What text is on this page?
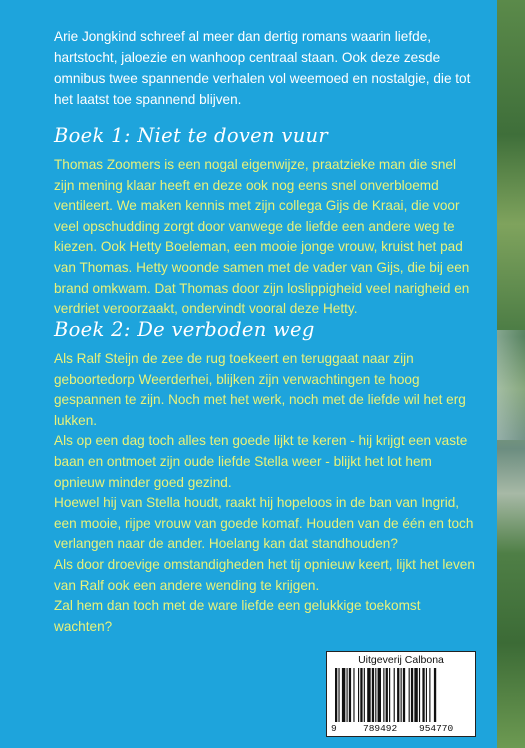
Arie Jongkind schreef al meer dan dertig romans waarin liefde, hartstocht, jaloezie en wanhoop centraal staan. Ook deze zesde omnibus twee spannende verhalen vol weemoed en nostalgie, die tot het laatst toe spannend blijven.

Boek 1: Niet te doven vuur

Thomas Zoomers is een nogal eigenwijze, praatzieke man die snel zijn mening klaar heeft en deze ook nog eens snel onverbloemd ventileert. We maken kennis met zijn collega Gijs de Kraai, die voor veel opschudding zorgt door vanwege de liefde een andere weg te kiezen. Ook Hetty Boeleman, een mooie jonge vrouw, kruist het pad van Thomas. Hetty woonde samen met de vader van Gijs, die bij een brand omkwam. Dat Thomas door zijn loslippigheid veel narigheid en verdriet veroorzaakt, ondervindt vooral deze Hetty.

Boek 2: De verboden weg
Als Ralf Steijn de zee de rug toekeert en teruggaat naar zijn geboortedorp Weerderhei, blijken zijn verwachtingen te hoog gespannen te zijn. Noch met het werk, noch met de liefde wil het erg lukken.
Als op een dag toch alles ten goede lijkt te keren - hij krijgt een vaste baan en ontmoet zijn oude liefde Stella weer - blijkt het lot hem opnieuw minder goed gezind.
Hoewel hij van Stella houdt, raakt hij hopeloos in de ban van Ingrid, een mooie, rijpe vrouw van goede komaf. Houden van de één en toch verlangen naar de ander. Hoelang kan dat standhouden?
Als door droevige omstandigheden het tij opnieuw keert, lijkt het leven van Ralf ook een andere wending te krijgen.
Zal hem dan toch met de ware liefde een gelukkige toekomst wachten?
Uitgeverij Calbona
9	789492 954770
